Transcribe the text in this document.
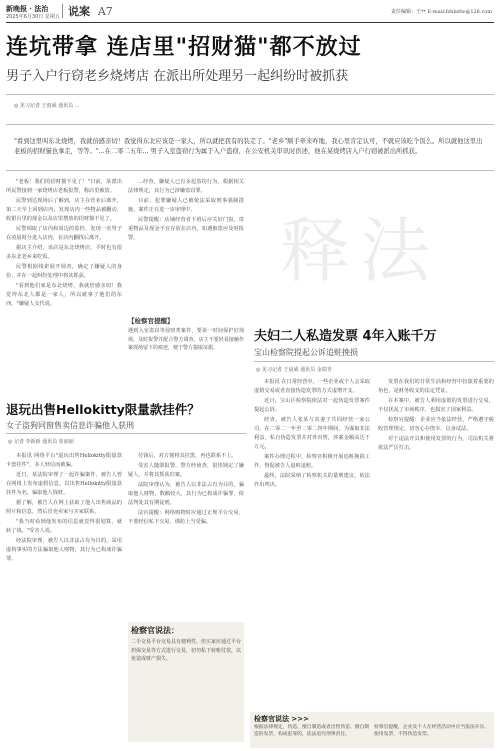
新晚报 · 法治
2025年6月30日 星期五 说案 A7	责任编辑：王** E-mail:fzhbzfw@126.com
连坑带拿 连店里"招财猫"都不放过
男子入户行窃老乡烧烤店 在派出所处理另一起纠纷时被抓获
◎ 见习记者 王雨威 通讯员 ...
"看到这里叫东北烧烤，我就倍感亲切！我觉得东北应该是一家人，所以就把我有的装走了。"老乡"顺手牵来咋地，我心里肯定认可，不就应该吃个饭么。所以就他这里出老板的招财猫也拿走，等等。"...在二零二五年... 男子入室盗窃行为属于入户盗窃，在公安机关审讯时供述，他在某烧烤店入户行窃被派出所抓获。
释法

"老板！我们的招财猫不见了！"日前，某派出所民警接到一家烧烤店老板报警，称店里被盗。

民警到达现场后了解到，店主在营业后离开，第二天早上回到店内，发现店内一些物品被翻动，收银台里的现金以及店里摆放的招财猫不见了。

民警调取了店内和周边的监控，发现一名男子在凌晨时分进入店内，在店内翻找后离开。

据店主介绍，该店是东北烧烤店，平时也有很多东北老乡来吃饭。

民警根据线索展开调查，确定了嫌疑人的身份，并在一起纠纷处理中将其抓获。

"看到他们家是东北烧烤，我就倍感亲切！我觉得东北人都是一家人，所以就拿了他们的东西。"嫌疑人交代说。

...经查，嫌疑人已有多起盗窃行为。根据相关法律规定，其行为已涉嫌盗窃罪。

目前，犯罪嫌疑人已被依法采取刑事强制措施，案件正在进一步审理中。

民警提醒：店铺经营者下班后应关好门窗，贵重物品及现金不宜存放在店内，如遇被盗应及时报警。

【检察官提醒】
遇到入室盗窃等侵财类案件，要第一时间保护好现场，及时报警并配合警方调查。店主不要轻易接触作案现场留下的痕迹，便于警方提取证据。
退玩出售Hellokitty限量款挂件？
女子盗狗同窗售卖信息诈骗他人获刑
◎ 记者 李新新 通讯员 崔丽丽

本报讯 网络平台"退玩出售Hellokitty限量款卡套挂件"，多人轻信而被骗。

近日，某法院审理了一起诈骗案件，被告人曾在网络上发布虚假信息，以出售Hellokitty限量款挂件为名，骗取他人钱财。

据了解，被告人在网上获取了他人出售商品的照片和信息，然后冒充卖家与买家联系。

"我当时看到他发布的信息就觉得很划算，就转了钱。"受害人说。

经法院审理，被告人以非法占有为目的，采用虚构事实的方法骗取他人财物，其行为已构成诈骗罪。

付钱后，对方便将其拉黑，再也联系不上。

受害人随即报警。警方经侦查，很快锁定了嫌疑人，并将其抓获归案。

法院审理认为，被告人以非法占有为目的，骗取他人财物，数额较大，其行为已构成诈骗罪，依法判处其有期徒刑。

法官提醒：网络购物时应通过正规平台交易，不要轻信私下交易，谨防上当受骗。

检察官说法：
二手交易平台交易具有便利性，但买家应通过平台担保交易等方式进行交易，切勿私下转账付款，以免造成财产损失。
夫妇二人私造发票 4年入账千万
宝山检察院提起公诉追赃挽损
◎ 见习记者 王晨威 通讯员 金瑞青

本报讯 在日常经营中，一些企业或个人会采取虚假交易或者直接伪造发票的方式虚增开支。

近日，宝山区检察院依法对一起伪造发票案件提起公诉。

经查，被告人张某与其妻子共同经营一家公司，在二零二一年至二零二四年期间，为谋取非法利益，私自伪造发票并对外出售，涉案金额高达千万元。

案件办理过程中，检察官积极开展追赃挽损工作，督促被告人退赃退赔。

最终，法院采纳了检察机关的量刑建议，依法作出判决。

发票在我们的日常生活和经营中扮演着重要的角色，是财务收支的法定凭证。

在本案中，被告人利用虚假的发票进行交易，不仅扰乱了市场秩序，也损害了国家利益。

检察官提醒：企业应当依法经营，严格遵守税收管理规定，切勿心存侥幸，以身试法。

对于违法开具和使用发票的行为，司法机关将依法严厉打击。

检察官说法 >>>
根据法律规定，伪造、擅自制造或者出售伪造、擅自制造的发票，构成犯罪的，依法追究刑事责任。
检察官提醒，企业及个人在经营活动中应当依法开具、使用发票，不得伪造发票。
